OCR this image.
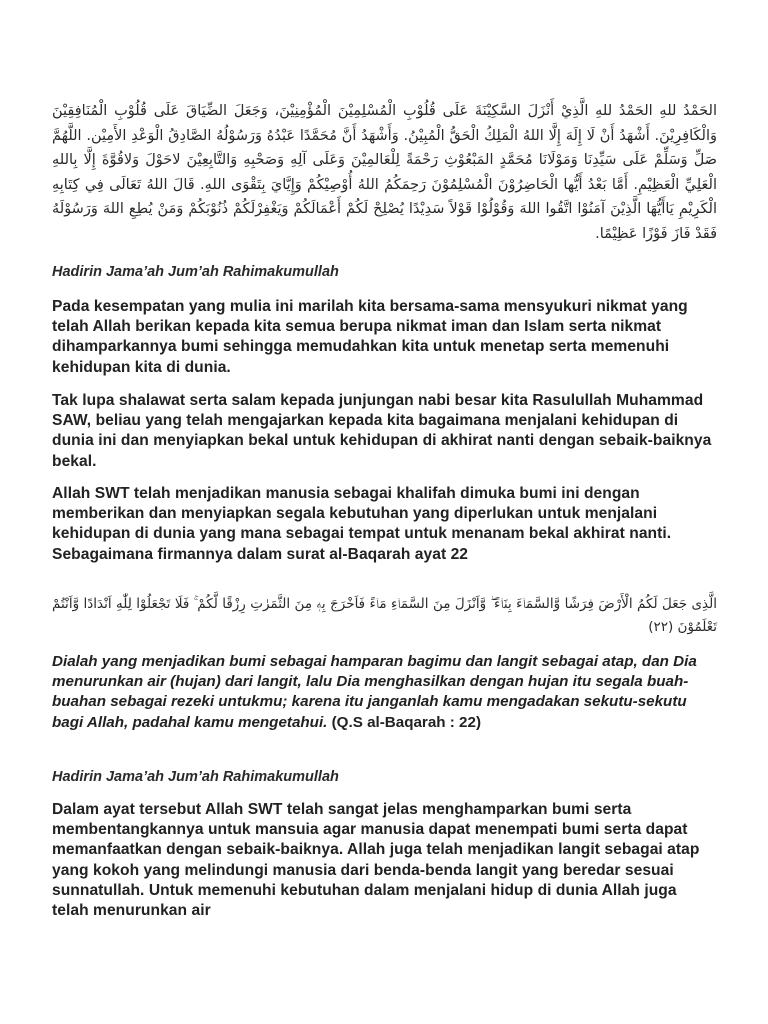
الحَمْدُ للهِ الحَمْدُ للهِ الَّذِيْ أَنْزَلَ السَّكِيْنَةَ عَلَى قُلُوْبِ الْمُسْلِمِيْنَ الْمُؤْمِنِيْنَ، وَجَعَلَ الضِّيَاقَ عَلَى قُلُوْبِ الْمُنَافِقِيْنَ وَالْكَافِرِيْنَ. أَشْهَدُ أَنْ لَا إِلَهَ إِلَّا اللهُ الْمَلِكُ الْحَقُّ الْمُبِيْنُ. وَأَشْهَدُ أَنَّ مُحَمَّدًا عَبْدُهُ وَرَسُوْلُهُ الصَّادِقُ الْوَعْدِ الأَمِيْن. اللَّهُمَّ صَلِّ وَسَلِّمْ عَلَى سَيِّدِنَا وَمَوْلَانَا مُحَمَّدٍ المَبْعُوْثِ رَحْمَةً لِلْعَالمِيْنَ وَعَلَى آلِهِ وَصَحْبِهِ وَالتَّابِعِيْنَ لاحَوْلَ وَلاقُوَّةَ إِلَّا بِاللهِ الْعَلِيِّ الْعَظِيْمِ. أَمَّا بَعْدُ أَيُّها الْحَاضِرُوْنَ الْمُسْلِمُوْنَ رَحِمَكُمُ اللهُ أُوْصِيْكُمْ وَإِيَّايَ بِتَقْوَى اللهِ. قَالَ اللهُ تَعَالَى فِي كِتَابِهِ الْكَرِيْمِ يَاأَيُّهَا الَّذِيْنَ آمَنُوْا اتَّقُوا اللهَ وَقُوْلُوْا قَوْلاً سَدِيْدًا يُصْلِحْ لَكُمْ أَعْمَالَكُمْ وَيَغْفِرْلَكُمْ ذُنُوْبَكُمْ وَمَنْ يُطِعِ اللهَ وَرَسُوْلَهُ فَقَدْ فَازَ فَوْزًا عَظِيْمًا.
Hadirin Jama’ah Jum’ah Rahimakumullah
Pada kesempatan yang mulia ini marilah kita bersama-sama mensyukuri nikmat yang telah Allah berikan kepada kita semua berupa nikmat iman dan Islam serta nikmat dihamparkannya bumi sehingga memudahkan kita untuk menetap serta memenuhi kehidupan kita di dunia.
Tak lupa shalawat serta salam kepada junjungan nabi besar kita Rasulullah Muhammad SAW, beliau yang telah mengajarkan kepada kita bagaimana menjalani kehidupan di dunia ini dan menyiapkan bekal untuk kehidupan di akhirat nanti dengan sebaik-baiknya bekal.
Allah SWT telah menjadikan manusia sebagai khalifah dimuka bumi ini dengan memberikan dan menyiapkan segala kebutuhan yang diperlukan untuk menjalani kehidupan di dunia yang mana sebagai tempat untuk menanam bekal akhirat nanti. Sebagaimana firmannya dalam surat al-Baqarah ayat 22
الَّذِى جَعَلَ لَكُمُ الْأَرْضَ فِرَشًا وَّالسَّمَاۤءَ بِنَاۤءً ۖ وَّاَنْزَلَ مِنَ السَّمَاۤءِ مَاۤءً فَاَخْرَجَ بِهٖ مِنَ الثَّمَرٰتِ رِزْقًا لَّكُمْ ۚ فَلَا تَجْعَلُوْا لِلّٰهِ اَنْدَادًا وَّاَنْتُمْ تَعْلَمُوْنَ (٢٢)
Dialah yang menjadikan bumi sebagai hamparan bagimu dan langit sebagai atap, dan Dia menurunkan air (hujan) dari langit, lalu Dia menghasilkan dengan hujan itu segala buah-buahan sebagai rezeki untukmu; karena itu janganlah kamu mengadakan sekutu-sekutu bagi Allah, padahal kamu mengetahui. (Q.S al-Baqarah : 22)
Hadirin Jama’ah Jum’ah Rahimakumullah
Dalam ayat tersebut Allah SWT telah sangat jelas menghamparkan bumi serta membentangkannya untuk mansuia agar manusia dapat menempati bumi serta dapat memanfaatkan dengan sebaik-baiknya. Allah juga telah menjadikan langit sebagai atap yang kokoh yang melindungi manusia dari benda-benda langit yang beredar sesuai sunnatullah. Untuk memenuhi kebutuhan dalam menjalani hidup di dunia Allah juga telah menurunkan air
